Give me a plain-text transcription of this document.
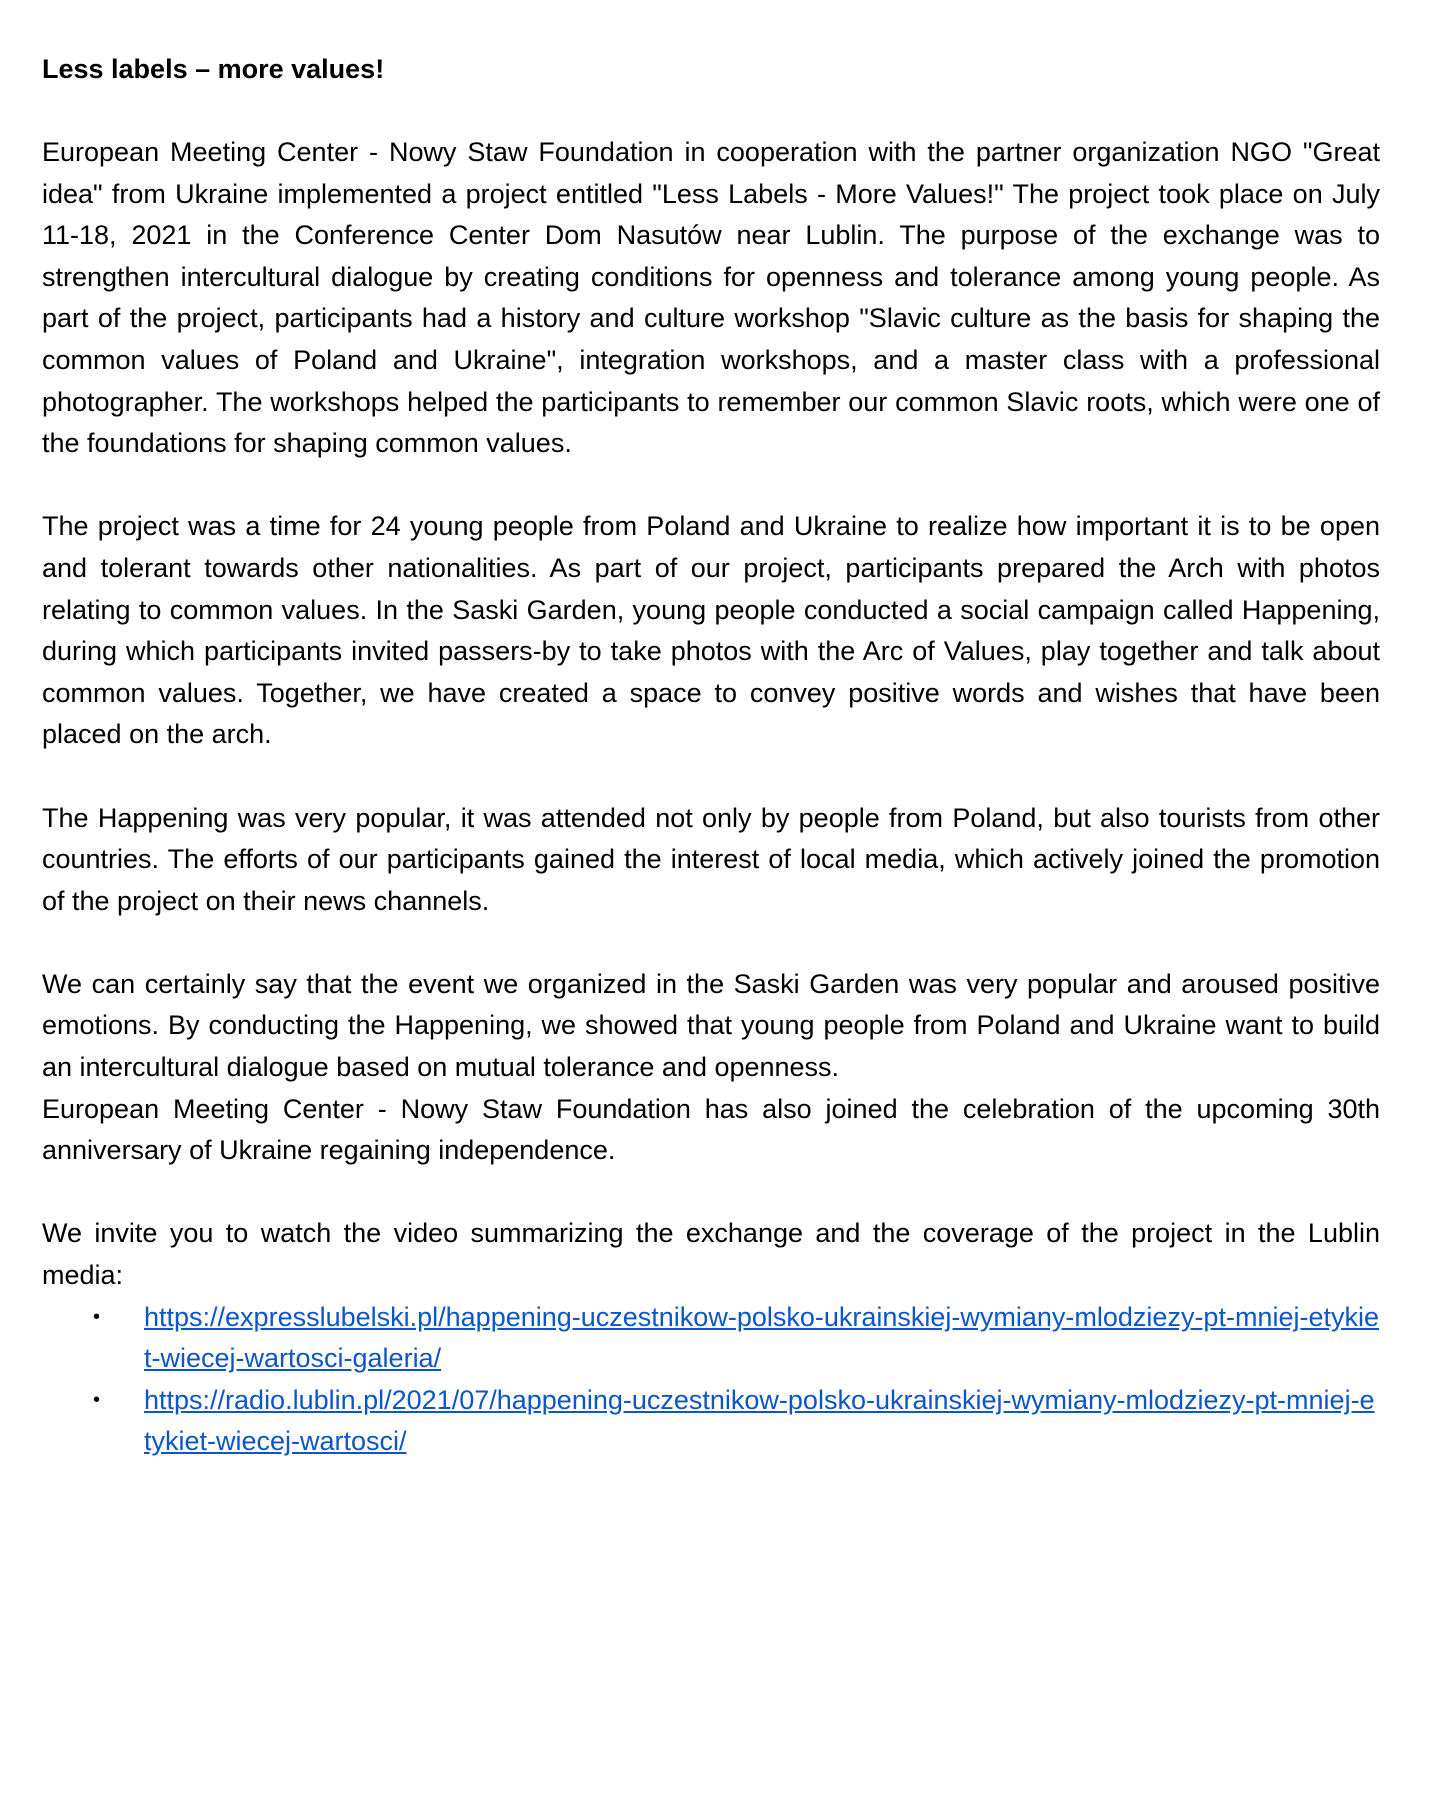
Less labels – more values!

European Meeting Center - Nowy Staw Foundation in cooperation with the partner organization NGO "Great idea" from Ukraine implemented a project entitled "Less Labels - More Values!" The project took place on July 11-18, 2021 in the Conference Center Dom Nasutów near Lublin. The purpose of the exchange was to strengthen intercultural dialogue by creating conditions for openness and tolerance among young people. As part of the project, participants had a history and culture workshop "Slavic culture as the basis for shaping the common values of Poland and Ukraine", integration workshops, and a master class with a professional photographer. The workshops helped the participants to remember our common Slavic roots, which were one of the foundations for shaping common values.

The project was a time for 24 young people from Poland and Ukraine to realize how important it is to be open and tolerant towards other nationalities. As part of our project, participants prepared the Arch with photos relating to common values. In the Saski Garden, young people conducted a social campaign called Happening, during which participants invited passers-by to take photos with the Arc of Values, play together and talk about common values. Together, we have created a space to convey positive words and wishes that have been placed on the arch.

The Happening was very popular, it was attended not only by people from Poland, but also tourists from other countries. The efforts of our participants gained the interest of local media, which actively joined the promotion of the project on their news channels.

We can certainly say that the event we organized in the Saski Garden was very popular and aroused positive emotions. By conducting the Happening, we showed that young people from Poland and Ukraine want to build an intercultural dialogue based on mutual tolerance and openness.

European Meeting Center - Nowy Staw Foundation has also joined the celebration of the upcoming 30th anniversary of Ukraine regaining independence.

We invite you to watch the video summarizing the exchange and the coverage of the project in the Lublin media:

• https://expresslubelski.pl/happening-uczestnikow-polsko-ukrainskiej-wymiany-mlodziezy-pt-mniej-etykiet-wiecej-wartosci-galeria/
• https://radio.lublin.pl/2021/07/happening-uczestnikow-polsko-ukrainskiej-wymiany-mlodziezy-pt-mniej-etykiet-wiecej-wartosci/
